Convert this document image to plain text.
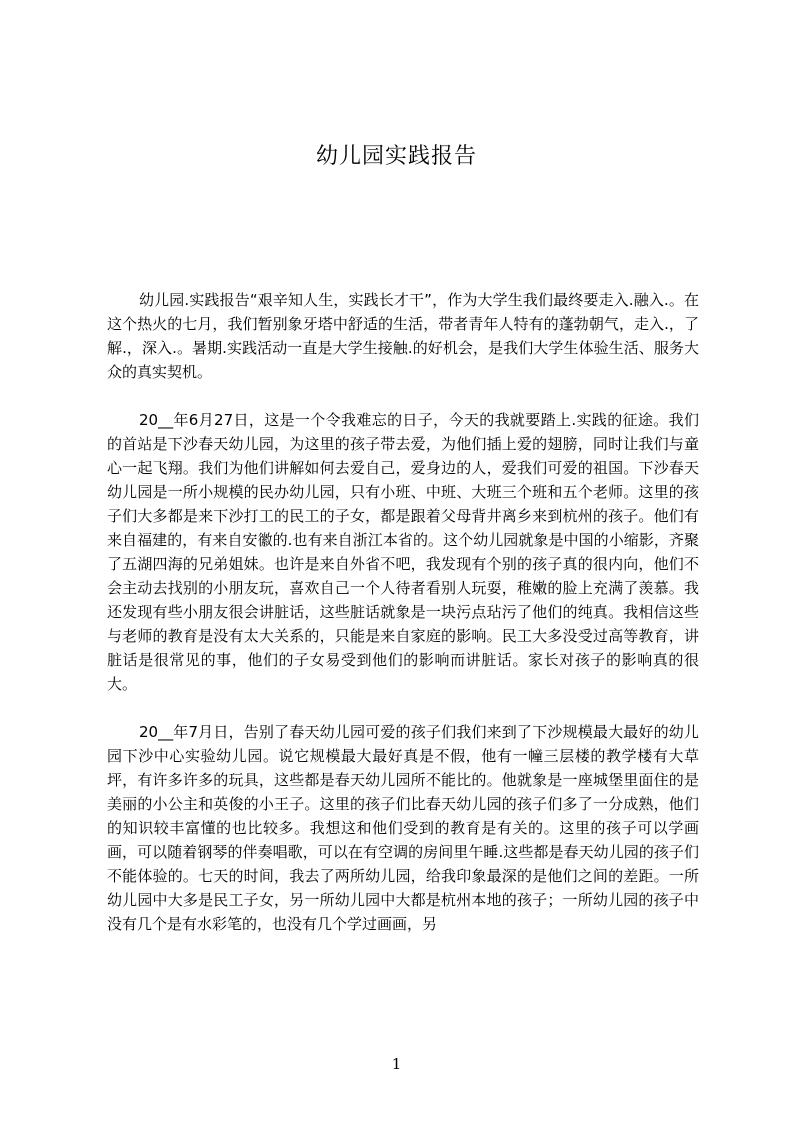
幼儿园实践报告

幼儿园.实践报告“艰辛知人生，实践长才干”，作为大学生我们最终要走入.融入.。在这个热火的七月，我们暂别象牙塔中舒适的生活，带者青年人特有的蓬勃朝气，走入.，了解.，深入.。暑期.实践活动一直是大学生接触.的好机会，是我们大学生体验生活、服务大众的真实契机。

20__年6月27日，这是一个令我难忘的日子，今天的我就要踏上.实践的征途。我们的首站是下沙春天幼儿园，为这里的孩子带去爱，为他们插上爱的翅膀，同时让我们与童心一起飞翔。我们为他们讲解如何去爱自己，爱身边的人，爱我们可爱的祖国。下沙春天幼儿园是一所小规模的民办幼儿园，只有小班、中班、大班三个班和五个老师。这里的孩子们大多都是来下沙打工的民工的子女，都是跟着父母背井离乡来到杭州的孩子。他们有来自福建的，有来自安徽的.也有来自浙江本省的。这个幼儿园就象是中国的小缩影，齐聚了五湖四海的兄弟姐妹。也许是来自外省不吧，我发现有个别的孩子真的很内向，他们不会主动去找别的小朋友玩，喜欢自己一个人待者看别人玩耍，稚嫩的脸上充满了羡慕。我还发现有些小朋友很会讲脏话，这些脏话就象是一块污点玷污了他们的纯真。我相信这些与老师的教育是没有太大关系的，只能是来自家庭的影响。民工大多没受过高等教育，讲脏话是很常见的事，他们的子女易受到他们的影响而讲脏话。家长对孩子的影响真的很大。

20__年7月日，告别了春天幼儿园可爱的孩子们我们来到了下沙规模最大最好的幼儿园下沙中心实验幼儿园。说它规模最大最好真是不假，他有一幢三层楼的教学楼有大草坪，有许多许多的玩具，这些都是春天幼儿园所不能比的。他就象是一座城堡里面住的是美丽的小公主和英俊的小王子。这里的孩子们比春天幼儿园的孩子们多了一分成熟，他们的知识较丰富懂的也比较多。我想这和他们受到的教育是有关的。这里的孩子可以学画画，可以随着钢琴的伴奏唱歌，可以在有空调的房间里午睡.这些都是春天幼儿园的孩子们不能体验的。七天的时间，我去了两所幼儿园，给我印象最深的是他们之间的差距。一所幼儿园中大多是民工子女，另一所幼儿园中大都是杭州本地的孩子；一所幼儿园的孩子中没有几个是有水彩笔的，也没有几个学过画画，另

1
